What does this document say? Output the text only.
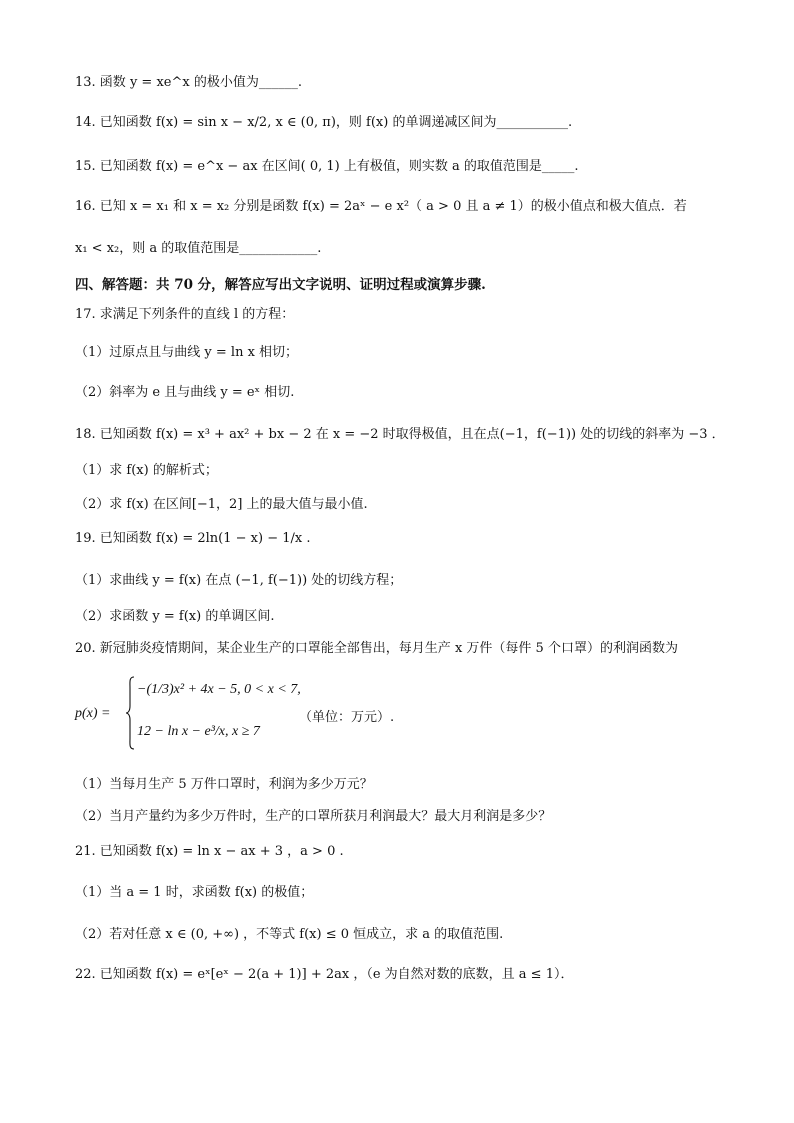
13. 函数 y = xe^x 的极小值为______.
14. 已知函数 f(x) = sin x − x/2, x ∈ (0, π)，则 f(x) 的单调递减区间为___________.
15. 已知函数 f(x) = e^x − ax 在区间( 0, 1) 上有极值，则实数 a 的取值范围是_____.
16. 已知 x = x₁ 和 x = x₂ 分别是函数 f(x) = 2aˣ − e x²（ a > 0 且 a ≠ 1）的极小值点和极大值点．若
x₁ < x₂，则 a 的取值范围是____________.
四、解答题：共 70 分，解答应写出文字说明、证明过程或演算步骤.
17. 求满足下列条件的直线 l 的方程：
（1）过原点且与曲线 y = ln x 相切；
（2）斜率为 e 且与曲线 y = eˣ 相切.
18. 已知函数 f(x) = x³ + ax² + bx − 2 在 x = −2 时取得极值，且在点(−1，f(−1)) 处的切线的斜率为 −3 ．
（1）求 f(x) 的解析式；
（2）求 f(x) 在区间[−1，2] 上的最大值与最小值.
19. 已知函数 f(x) = 2ln(1 − x) − 1/x .
（1）求曲线 y = f(x) 在点 (−1, f(−1)) 处的切线方程；
（2）求函数 y = f(x) 的单调区间.
20. 新冠肺炎疫情期间，某企业生产的口罩能全部售出，每月生产 x 万件（每件 5 个口罩）的利润函数为
p(x) =
−(1/3)x² + 4x − 5, 0 < x < 7,
12 − ln x − e³/x, x ≥ 7
（单位：万元）.
（1）当每月生产 5 万件口罩时，利润为多少万元？
（2）当月产量约为多少万件时，生产的口罩所获月利润最大？最大月利润是多少？
21. 已知函数 f(x) = ln x − ax + 3 ，a > 0 .
（1）当 a = 1 时，求函数 f(x) 的极值；
（2）若对任意 x ∈ (0, +∞) ，不等式 f(x) ≤ 0 恒成立，求 a 的取值范围.
22. 已知函数 f(x) = eˣ[eˣ − 2(a + 1)] + 2ax ，（e 为自然对数的底数，且 a ≤ 1）．
